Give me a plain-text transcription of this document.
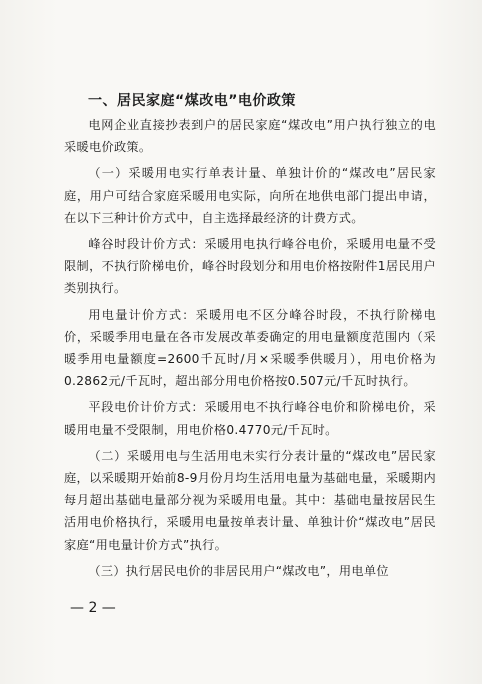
一、居民家庭“煤改电”电价政策

电网企业直接抄表到户的居民家庭“煤改电”用户执行独立的电采暖电价政策。

（一）采暖用电实行单表计量、单独计价的“煤改电”居民家庭，用户可结合家庭采暖用电实际，向所在地供电部门提出申请，在以下三种计价方式中，自主选择最经济的计费方式。

峰谷时段计价方式：采暖用电执行峰谷电价，采暖用电量不受限制，不执行阶梯电价，峰谷时段划分和用电价格按附件1居民用户类别执行。

用电量计价方式：采暖用电不区分峰谷时段，不执行阶梯电价，采暖季用电量在各市发展改革委确定的用电量额度范围内（采暖季用电量额度=2600千瓦时/月×采暖季供暖月），用电价格为0.2862元/千瓦时，超出部分用电价格按0.507元/千瓦时执行。

平段电价计价方式：采暖用电不执行峰谷电价和阶梯电价，采暖用电量不受限制，用电价格0.4770元/千瓦时。

（二）采暖用电与生活用电未实行分表计量的“煤改电”居民家庭，以采暖期开始前8-9月份月均生活用电量为基础电量，采暖期内每月超出基础电量部分视为采暖用电量。其中：基础电量按居民生活用电价格执行，采暖用电量按单表计量、单独计价“煤改电”居民家庭“用电量计价方式”执行。

（三）执行居民电价的非居民用户“煤改电”，用电单位

— 2 —
